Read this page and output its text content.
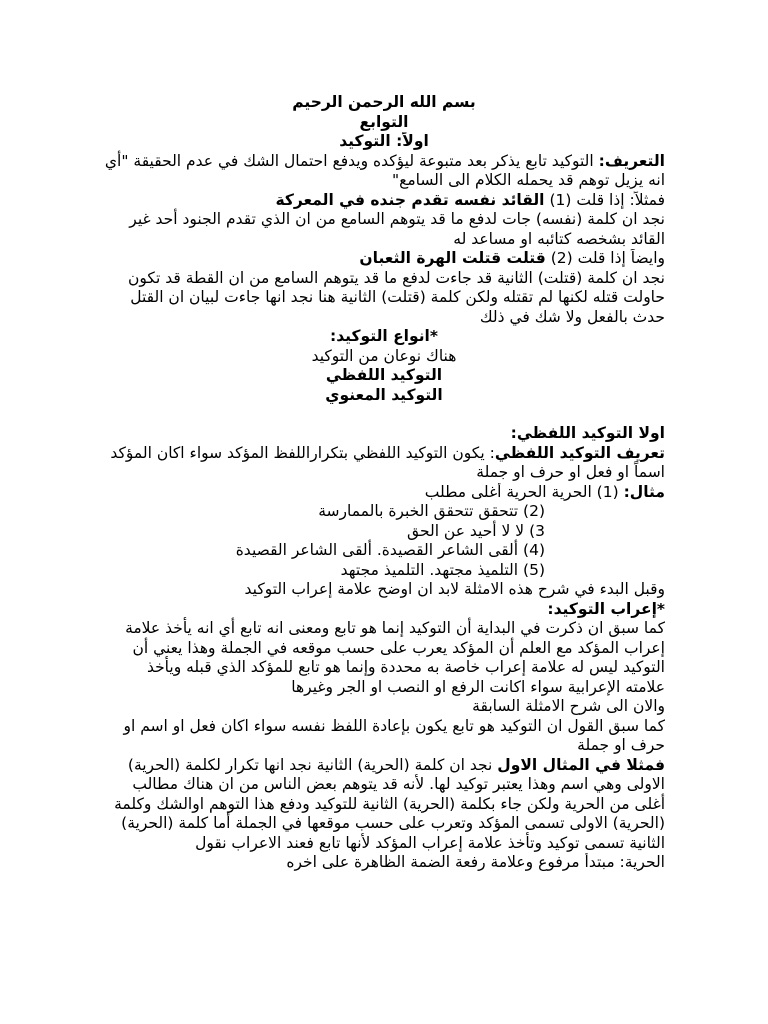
بسم الله الرحمن الرحيم
التوابع
اولاً: التوكيد
التعريف: التوكيد تابع يذكر بعد متبوعة ليؤكده ويدفع احتمال الشك في عدم الحقيقة "أي انه يزيل توهم قد يحمله الكلام الى السامع"
فمثلاً: إذا قلت (1) القائد نفسه تقدم جنده في المعركة
نجد ان كلمة (نفسه) جات لدفع ما قد يتوهم السامع من ان الذي تقدم الجنود أحد غير القائد بشخصه كتائبه او مساعد له
وايضاً إذا قلت (2) قتلت قتلت الهرة الثعبان
نجد ان كلمة (قتلت) الثانية قد جاءت لدفع ما قد يتوهم السامع من ان القطة قد تكون حاولت قتله لكنها لم تقتله ولكن كلمة (قتلت) الثانية هنا نجد انها جاءت لبيان ان القتل حدث بالفعل ولا شك في ذلك
*انواع التوكيد:
هناك نوعان من التوكيد
التوكيد اللفظي
التوكيد المعنوي
اولا التوكيد اللفظي:
تعريف التوكيد اللفظي: يكون التوكيد اللفظي بتكراراللفظ المؤكد سواء اكان المؤكد اسماً او فعل او حرف او جملة
مثال: (1) الحرية الحرية أغلى مطلب
(2) تتحقق تتحقق الخبرة بالممارسة
3) لا لا أحيد عن الحق
(4) ألقى الشاعر القصيدة. ألقى الشاعر القصيدة
(5) التلميذ مجتهد. التلميذ مجتهد
وقبل البدء في شرح هذه الامثلة لابد ان اوضح علامة إعراب التوكيد
*إعراب التوكيد:
كما سبق ان ذكرت في البداية أن التوكيد إنما هو تابع ومعنى انه تابع أي انه يأخذ علامة إعراب المؤكد مع العلم أن المؤكد يعرب على حسب موقعه في الجملة وهذا يعني أن التوكيد ليس له علامة إعراب خاصة به محددة وإنما هو تابع للمؤكد الذي قبله ويأخذ علامته الإعرابية سواء اكانت الرفع او النصب او الجر وغيرها
والان الى شرح الامثلة السابقة
كما سبق القول ان التوكيد هو تابع يكون بإعادة اللفظ نفسه سواء اكان فعل او اسم او حرف او جملة
فمثلا في المثال الاول نجد ان كلمة (الحرية) الثانية نجد انها تكرار لكلمة (الحرية) الاولى وهي اسم وهذا يعتبر توكيد لها. لأنه قد يتوهم بعض الناس من ان هناك مطالب أغلى من الحرية ولكن جاء بكلمة (الحرية) الثانية للتوكيد ودفع هذا التوهم اوالشك وكلمة (الحرية) الاولى تسمى المؤكد وتعرب على حسب موقعها في الجملة أما كلمة (الحرية) الثانية تسمى توكيد وتأخذ علامة إعراب المؤكد لأنها تابع فعند الاعراب نقول
الحرية: مبتدأ مرفوع وعلامة رفعة الضمة الظاهرة على اخره
